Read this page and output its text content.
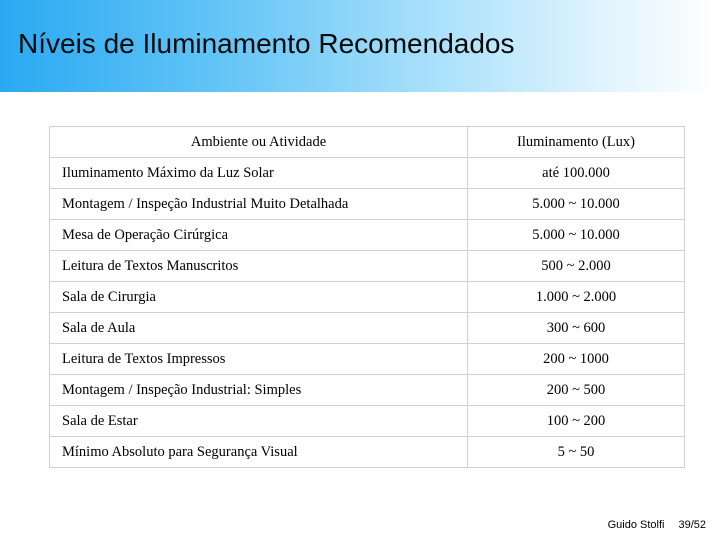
Níveis de Iluminamento Recomendados
Ambiente ou Atividade	Iluminamento (Lux)
Iluminamento Máximo da Luz Solar	até 100.000
Montagem / Inspeção Industrial Muito Detalhada	5.000 ~ 10.000
Mesa de Operação Cirúrgica	5.000 ~ 10.000
Leitura de Textos Manuscritos	500 ~ 2.000
Sala de Cirurgia	1.000 ~ 2.000
Sala de Aula	300 ~ 600
Leitura de Textos Impressos	200 ~ 1000
Montagem / Inspeção Industrial: Simples	200 ~ 500
Sala de Estar	100 ~ 200
Mínimo Absoluto para Segurança Visual	5 ~ 50
Guido Stolfi 39/52
